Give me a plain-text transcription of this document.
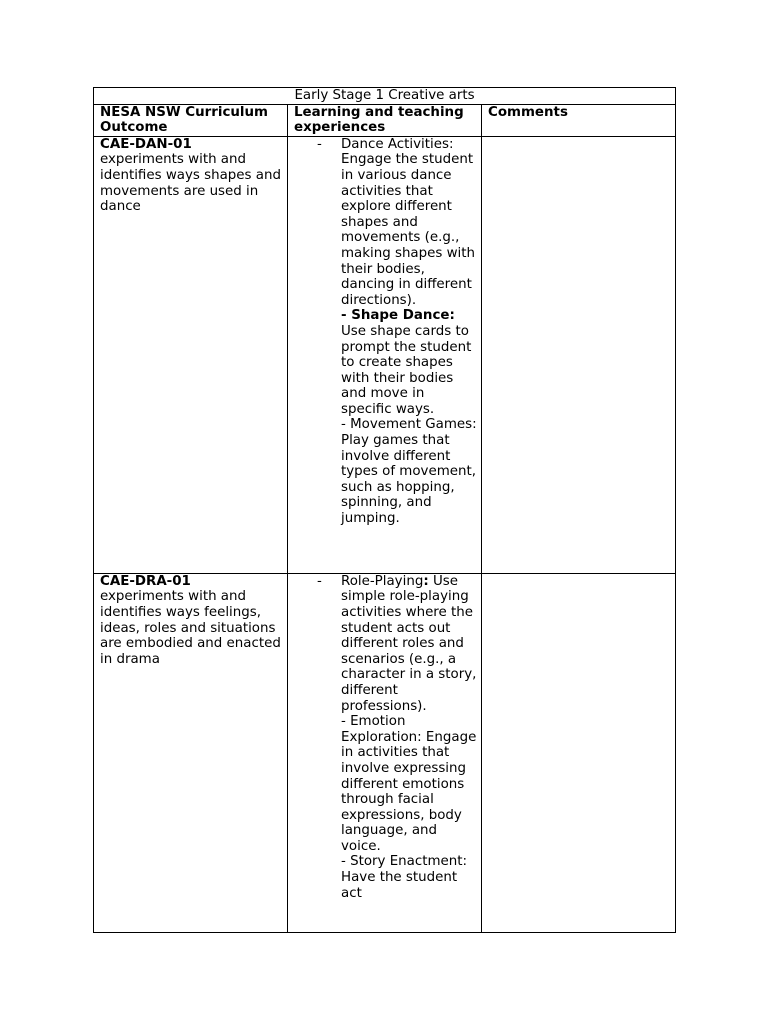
Early Stage 1 Creative arts		
NESA NSW Curriculum Outcome	Learning and teaching experiences	Comments

CAE-DAN-01
experiments with and identifies ways shapes and movements are used in dance	- Dance Activities: Engage the student in various dance activities that explore different shapes and movements (e.g., making shapes with their bodies, dancing in different directions).
- Shape Dance: Use shape cards to prompt the student to create shapes with their bodies and move in specific ways.
- Movement Games: Play games that involve different types of movement, such as hopping, spinning, and jumping.	

CAE-DRA-01
experiments with and identifies ways feelings, ideas, roles and situations are embodied and enacted in drama	- Role-Playing: Use simple role-playing activities where the student acts out different roles and scenarios (e.g., a character in a story, different professions).
- Emotion Exploration: Engage in activities that involve expressing different emotions through facial expressions, body language, and voice.
- Story Enactment: Have the student act	
